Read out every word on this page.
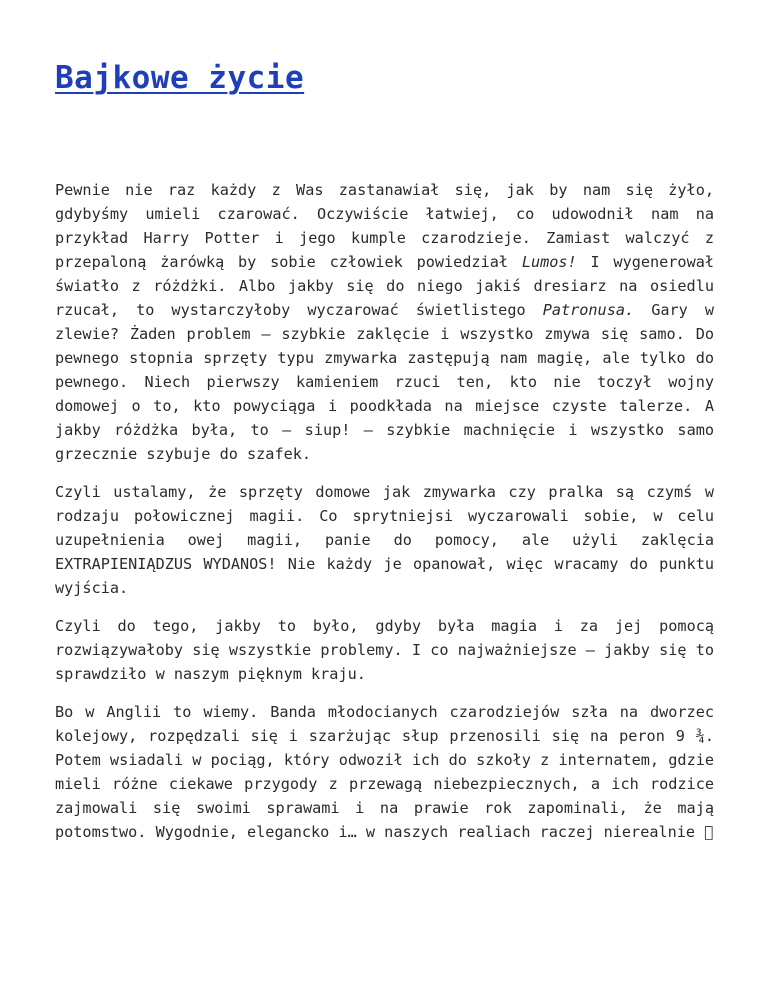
Bajkowe życie

Pewnie nie raz każdy z Was zastanawiał się, jak by nam się żyło, gdybyśmy umieli czarować. Oczywiście łatwiej, co udowodnił nam na przykład Harry Potter i jego kumple czarodzieje. Zamiast walczyć z przepaloną żarówką by sobie człowiek powiedział Lumos! I wygenerował światło z różdżki. Albo jakby się do niego jakiś dresiarz na osiedlu rzucał, to wystarczyłoby wyczarować świetlistego Patronusa. Gary w zlewie? Żaden problem – szybkie zaklęcie i wszystko zmywa się samo. Do pewnego stopnia sprzęty typu zmywarka zastępują nam magię, ale tylko do pewnego. Niech pierwszy kamieniem rzuci ten, kto nie toczył wojny domowej o to, kto powyciąga i poodkłada na miejsce czyste talerze. A jakby różdżka była, to – siup! – szybkie machnięcie i wszystko samo grzecznie szybuje do szafek.

Czyli ustalamy, że sprzęty domowe jak zmywarka czy pralka są czymś w rodzaju połowicznej magii. Co sprytniejsi wyczarowali sobie, w celu uzupełnienia owej magii, panie do pomocy, ale użyli zaklęcia EXTRAPIENIĄDZUS WYDANOS! Nie każdy je opanował, więc wracamy do punktu wyjścia.

Czyli do tego, jakby to było, gdyby była magia i za jej pomocą rozwiązywałoby się wszystkie problemy. I co najważniejsze – jakby się to sprawdziło w naszym pięknym kraju.

Bo w Anglii to wiemy. Banda młodocianych czarodziejów szła na dworzec kolejowy, rozpędzali się i szarżując słup przenosili się na peron 9 ¾. Potem wsiadali w pociąg, który odwoził ich do szkoły z internatem, gdzie mieli różne ciekawe przygody z przewagą niebezpiecznych, a ich rodzice zajmowali się swoimi sprawami i na prawie rok zapominali, że mają potomstwo. Wygodnie, elegancko i… w naszych realiach raczej nierealnie
